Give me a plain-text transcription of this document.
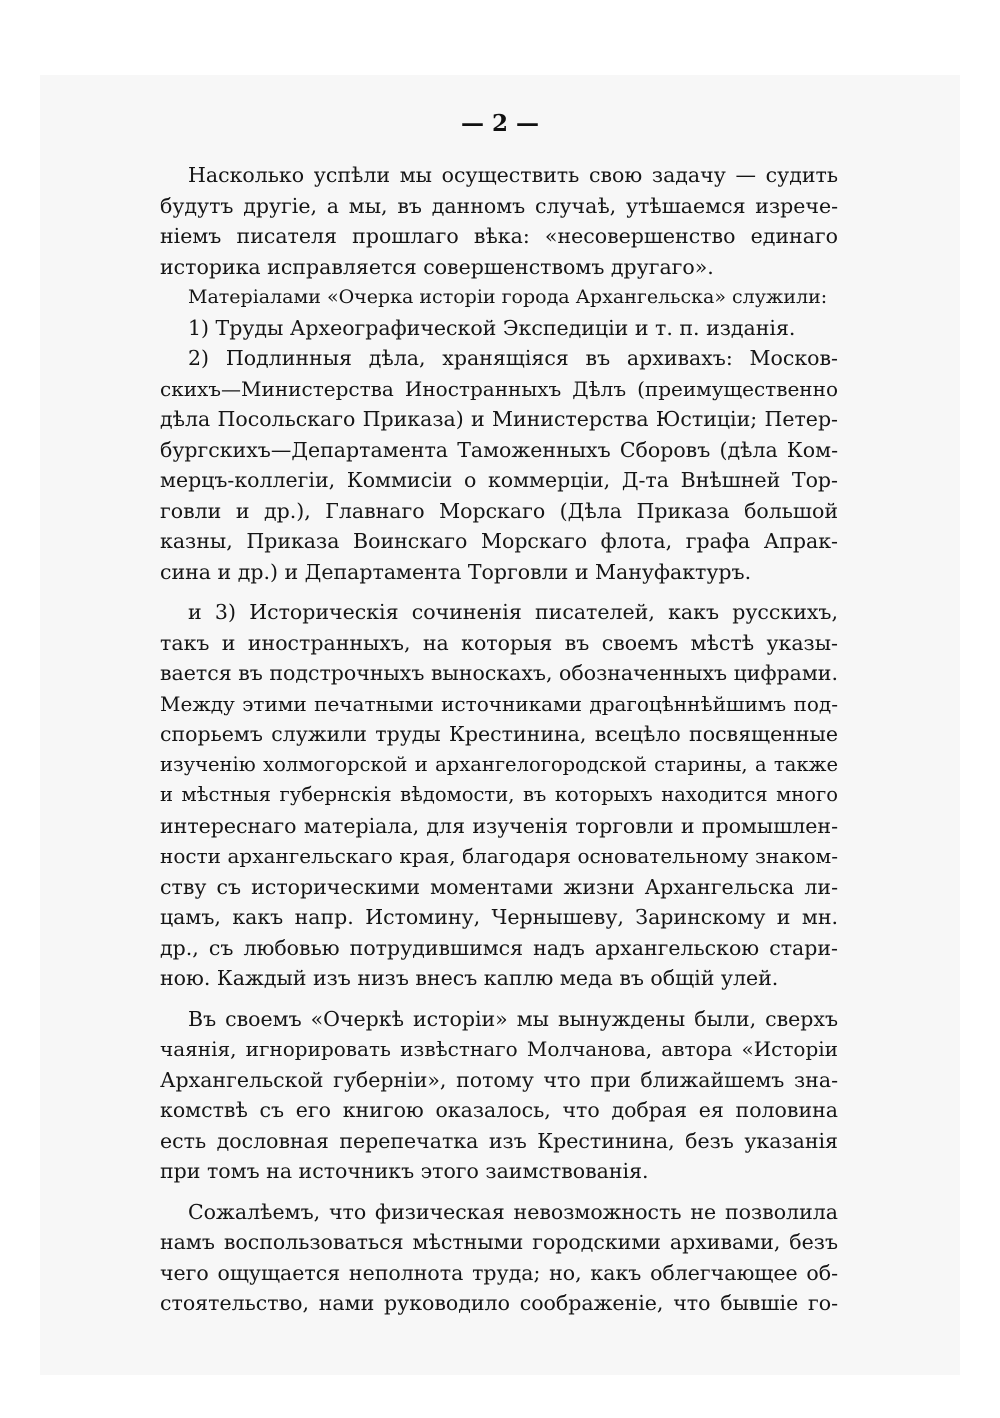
— 2 —
Насколько успѣли мы осуществить свою задачу — судить
будутъ другіе, а мы, въ данномъ случаѣ, утѣшаемся изрече-
ніемъ писателя прошлаго вѣка: «несовершенство единаго
историка исправляется совершенствомъ другаго».
Матеріалами «Очерка исторіи города Архангельска» служили:
1) Труды Археографической Экспедиціи и т. п. изданія.
2) Подлинныя дѣла, хранящіяся въ архивахъ: Москов-
скихъ—Министерства Иностранныхъ Дѣлъ (преимущественно
дѣла Посольскаго Приказа) и Министерства Юстиціи; Петер-
бургскихъ—Департамента Таможенныхъ Сборовъ (дѣла Ком-
мерцъ-коллегіи, Коммисіи о коммерціи, Д-та Внѣшней Тор-
говли и др.), Главнаго Морскаго (Дѣла Приказа большой
казны, Приказа Воинскаго Морскаго флота, графа Апрак-
сина и др.) и Департамента Торговли и Мануфактуръ.
и 3) Историческія сочиненія писателей, какъ русскихъ,
такъ и иностранныхъ, на которыя въ своемъ мѣстѣ указы-
вается въ подстрочныхъ выноскахъ, обозначенныхъ цифрами.
Между этими печатными источниками драгоцѣннѣйшимъ под-
спорьемъ служили труды Крестинина, всецѣло посвященные
изученію холмогорской и архангелогородской старины, а также
и мѣстныя губернскія вѣдомости, въ которыхъ находится много
интереснаго матеріала, для изученія торговли и промышлен-
ности архангельскаго края, благодаря основательному знаком-
ству съ историческими моментами жизни Архангельска ли-
цамъ, какъ напр. Истомину, Чернышеву, Заринскому и мн.
др., съ любовью потрудившимся надъ архангельскою стари-
ною. Каждый изъ низъ внесъ каплю меда въ общій улей.
Въ своемъ «Очеркѣ исторіи» мы вынуждены были, сверхъ
чаянія, игнорировать извѣстнаго Молчанова, автора «Исторіи
Архангельской губерніи», потому что при ближайшемъ зна-
комствѣ съ его книгою оказалось, что добрая ея половина
есть дословная перепечатка изъ Крестинина, безъ указанія
при томъ на источникъ этого заимствованія.
Сожалѣемъ, что физическая невозможность не позволила
намъ воспользоваться мѣстными городскими архивами, безъ
чего ощущается неполнота труда; но, какъ облегчающее об-
стоятельство, нами руководило соображеніе, что бывшіе го-
